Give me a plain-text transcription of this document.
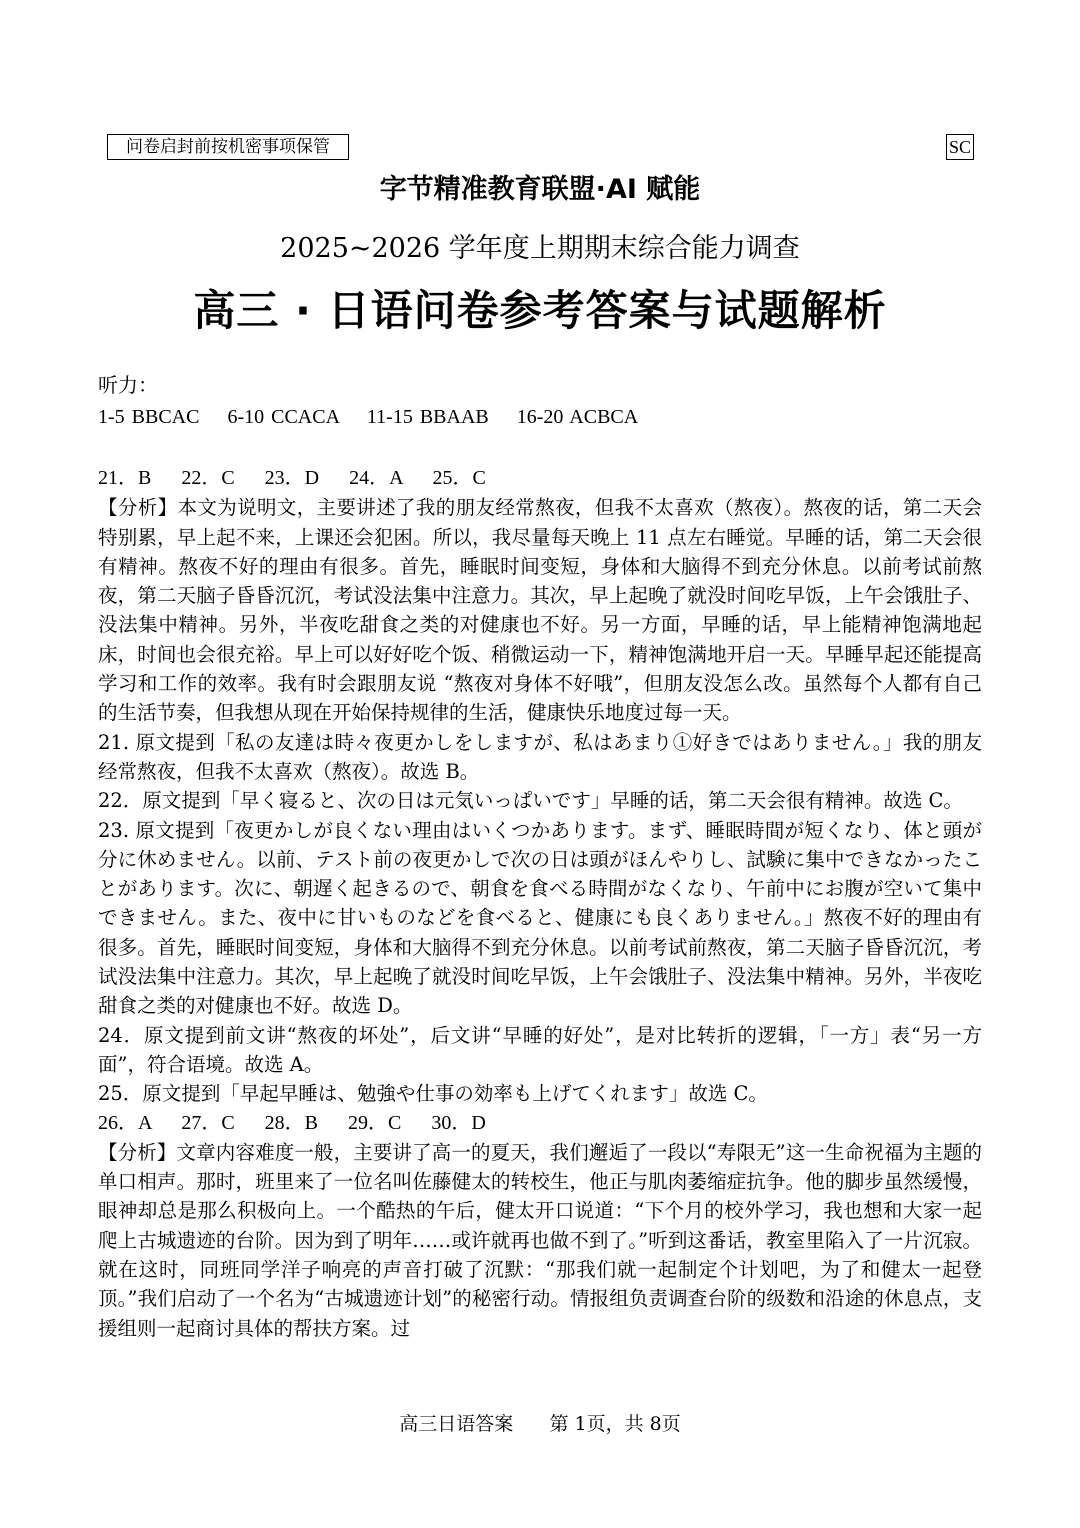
问卷启封前按机密事项保管	SC
字节精准教育联盟·AI 赋能
2025~2026 学年度上期期末综合能力调查
高三 · 日语问卷参考答案与试题解析
听力：
1-5 BBCAC    6-10 CCACA    11-15 BBAAB    16-20 ACBCA

21．B      22．C      23．D      24．A      25．C

【分析】本文为说明文，主要讲述了我的朋友经常熬夜，但我不太喜欢（熬夜）。熬夜的话，第二天会特别累，早上起不来，上课还会犯困。所以，我尽量每天晚上 11 点左右睡觉。早睡的话，第二天会很有精神。熬夜不好的理由有很多。首先，睡眠时间变短，身体和大脑得不到充分休息。以前考试前熬夜，第二天脑子昏昏沉沉，考试没法集中注意力。其次，早上起晚了就没时间吃早饭，上午会饿肚子、没法集中精神。另外，半夜吃甜食之类的对健康也不好。另一方面，早睡的话，早上能精神饱满地起床，时间也会很充裕。早上可以好好吃个饭、稍微运动一下，精神饱满地开启一天。早睡早起还能提高学习和工作的效率。我有时会跟朋友说 “熬夜对身体不好哦”，但朋友没怎么改。虽然每个人都有自己的生活节奏，但我想从现在开始保持规律的生活，健康快乐地度过每一天。

21. 原文提到「私の友達は時々夜更かしをしますが、私はあまり①好きではありません。」我的朋友经常熬夜，但我不太喜欢（熬夜）。故选 B。

22．原文提到「早く寝ると、次の日は元気いっぱいです」早睡的话，第二天会很有精神。故选 C。

23. 原文提到「夜更かしが良くない理由はいくつかあります。まず、睡眠時間が短くなり、体と頭が分に休めません。以前、テスト前の夜更かしで次の日は頭がほんやりし、試験に集中できなかったことがあります。次に、朝遅く起きるので、朝食を食べる時間がなくなり、午前中にお腹が空いて集中できません。また、夜中に甘いものなどを食べると、健康にも良くありません。」熬夜不好的理由有很多。首先，睡眠时间变短，身体和大脑得不到充分休息。以前考试前熬夜，第二天脑子昏昏沉沉，考试没法集中注意力。其次，早上起晚了就没时间吃早饭，上午会饿肚子、没法集中精神。另外，半夜吃甜食之类的对健康也不好。故选 D。

24．原文提到前文讲“熬夜的坏处”，后文讲“早睡的好处”，是对比转折的逻辑，「一方」表“另一方面”，符合语境。故选 A。

25．原文提到「早起早睡は、勉強や仕事の効率も上げてくれます」故选 C。

26．A      27．C      28．B      29．C      30．D

【分析】文章内容难度一般，主要讲了高一的夏天，我们邂逅了一段以“寿限无”这一生命祝福为主题的单口相声。那时，班里来了一位名叫佐藤健太的转校生，他正与肌肉萎缩症抗争。他的脚步虽然缓慢，眼神却总是那么积极向上。一个酷热的午后，健太开口说道：“下个月的校外学习，我也想和大家一起爬上古城遗迹的台阶。因为到了明年……或许就再也做不到了。”听到这番话，教室里陷入了一片沉寂。就在这时，同班同学洋子响亮的声音打破了沉默：“那我们就一起制定个计划吧，为了和健太一起登顶。”我们启动了一个名为“古城遗迹计划”的秘密行动。情报组负责调查台阶的级数和沿途的休息点，支援组则一起商讨具体的帮扶方案。过

高三日语答案 第 1页，共 8页
